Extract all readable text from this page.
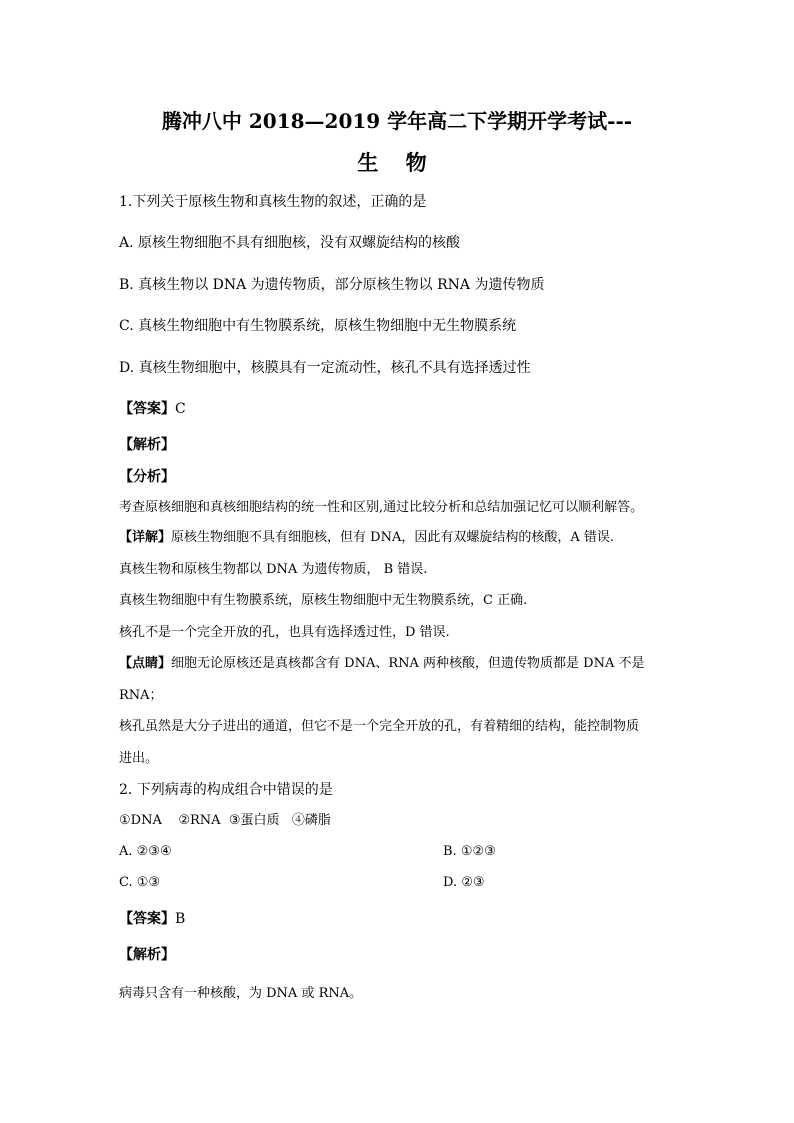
腾冲八中 2018—2019 学年高二下学期开学考试---
生 物
1.下列关于原核生物和真核生物的叙述，正确的是
A. 原核生物细胞不具有细胞核，没有双螺旋结构的核酸
B. 真核生物以 DNA 为遗传物质，部分原核生物以 RNA 为遗传物质
C. 真核生物细胞中有生物膜系统，原核生物细胞中无生物膜系统
D. 真核生物细胞中，核膜具有一定流动性，核孔不具有选择透过性
【答案】C
【解析】
【分析】
考查原核细胞和真核细胞结构的统一性和区别,通过比较分析和总结加强记忆可以顺利解答。
【详解】原核生物细胞不具有细胞核，但有 DNA，因此有双螺旋结构的核酸，A 错误.
真核生物和原核生物都以 DNA 为遗传物质， B 错误.
真核生物细胞中有生物膜系统，原核生物细胞中无生物膜系统，C 正确.
核孔不是一个完全开放的孔，也具有选择透过性，D 错误.
【点睛】细胞无论原核还是真核都含有 DNA、RNA 两种核酸，但遗传物质都是 DNA 不是
RNA；
核孔虽然是大分子进出的通道，但它不是一个完全开放的孔，有着精细的结构，能控制物质
进出。
2. 下列病毒的构成组合中错误的是
①DNA    ②RNA  ③蛋白质   ④磷脂
A. ②③④	B. ①②③
C. ①③	D. ②③
【答案】B
【解析】
病毒只含有一种核酸，为 DNA 或 RNA。
